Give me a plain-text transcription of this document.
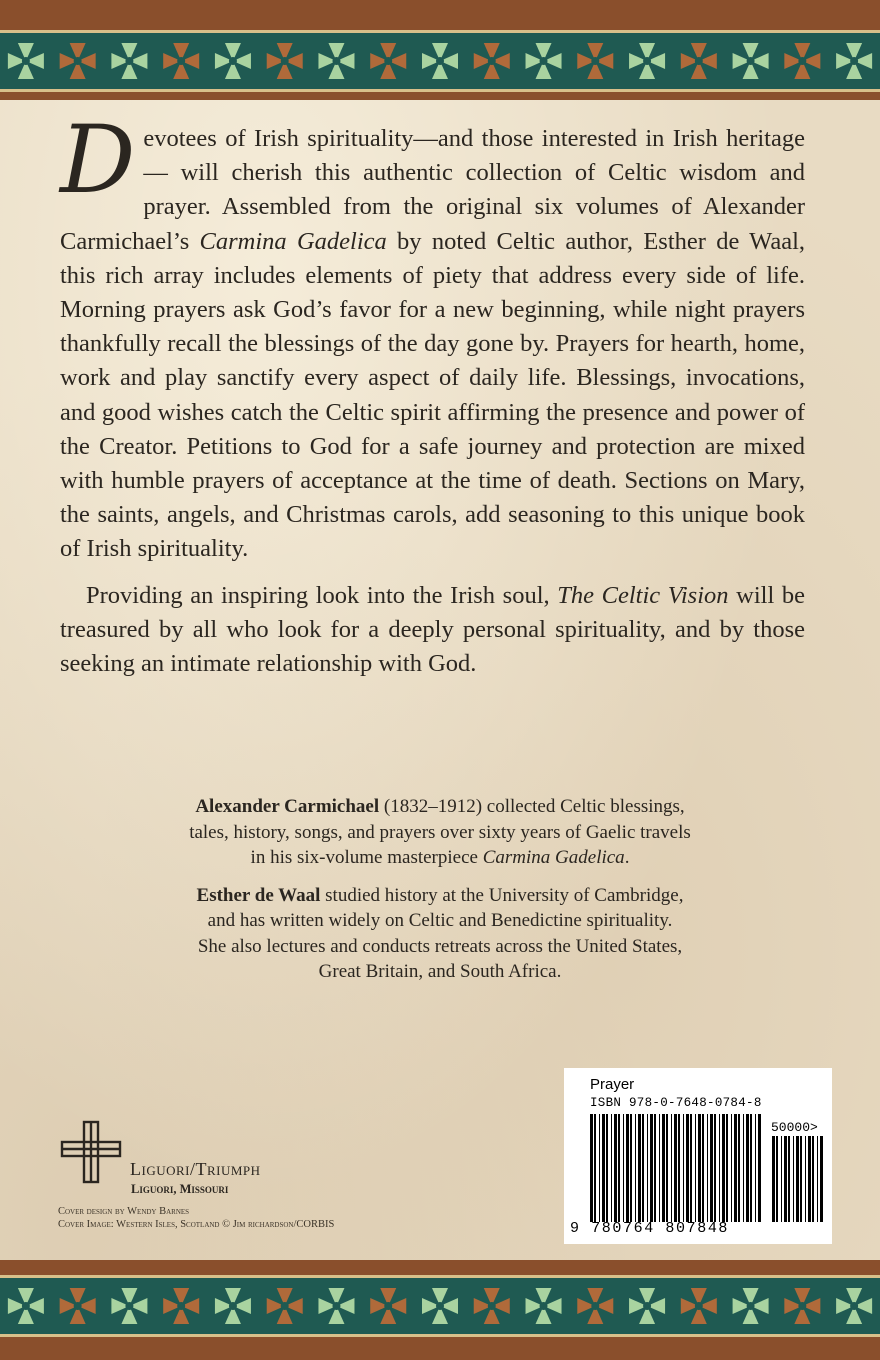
Devotees of Irish spirituality—and those interested in Irish heritage— will cherish this authentic collection of Celtic wisdom and prayer. Assembled from the original six volumes of Alexander Carmichael’s Carmina Gadelica by noted Celtic author, Esther de Waal, this rich array includes elements of piety that address every side of life. Morning prayers ask God’s favor for a new beginning, while night prayers thankfully recall the blessings of the day gone by. Prayers for hearth, home, work and play sanctify every aspect of daily life. Blessings, invocations, and good wishes catch the Celtic spirit affirming the presence and power of the Creator. Petitions to God for a safe journey and protection are mixed with humble prayers of acceptance at the time of death. Sections on Mary, the saints, angels, and Christmas carols, add seasoning to this unique book of Irish spirituality.

Providing an inspiring look into the Irish soul, The Celtic Vision will be treasured by all who look for a deeply personal spirituality, and by those seeking an intimate relationship with God.

Alexander Carmichael (1832–1912) collected Celtic blessings,
tales, history, songs, and prayers over sixty years of Gaelic travels
in his six-volume masterpiece Carmina Gadelica.

Esther de Waal studied history at the University of Cambridge,
and has written widely on Celtic and Benedictine spirituality.
She also lectures and conducts retreats across the United States,
Great Britain, and South Africa.

Liguori/Triumph
Liguori, Missouri
Cover design by Wendy Barnes
Cover Image: Western Isles, Scotland © Jim richardson/CORBIS
Prayer
ISBN 978-0-7648-0784-8
50000>
9 780764 807848
